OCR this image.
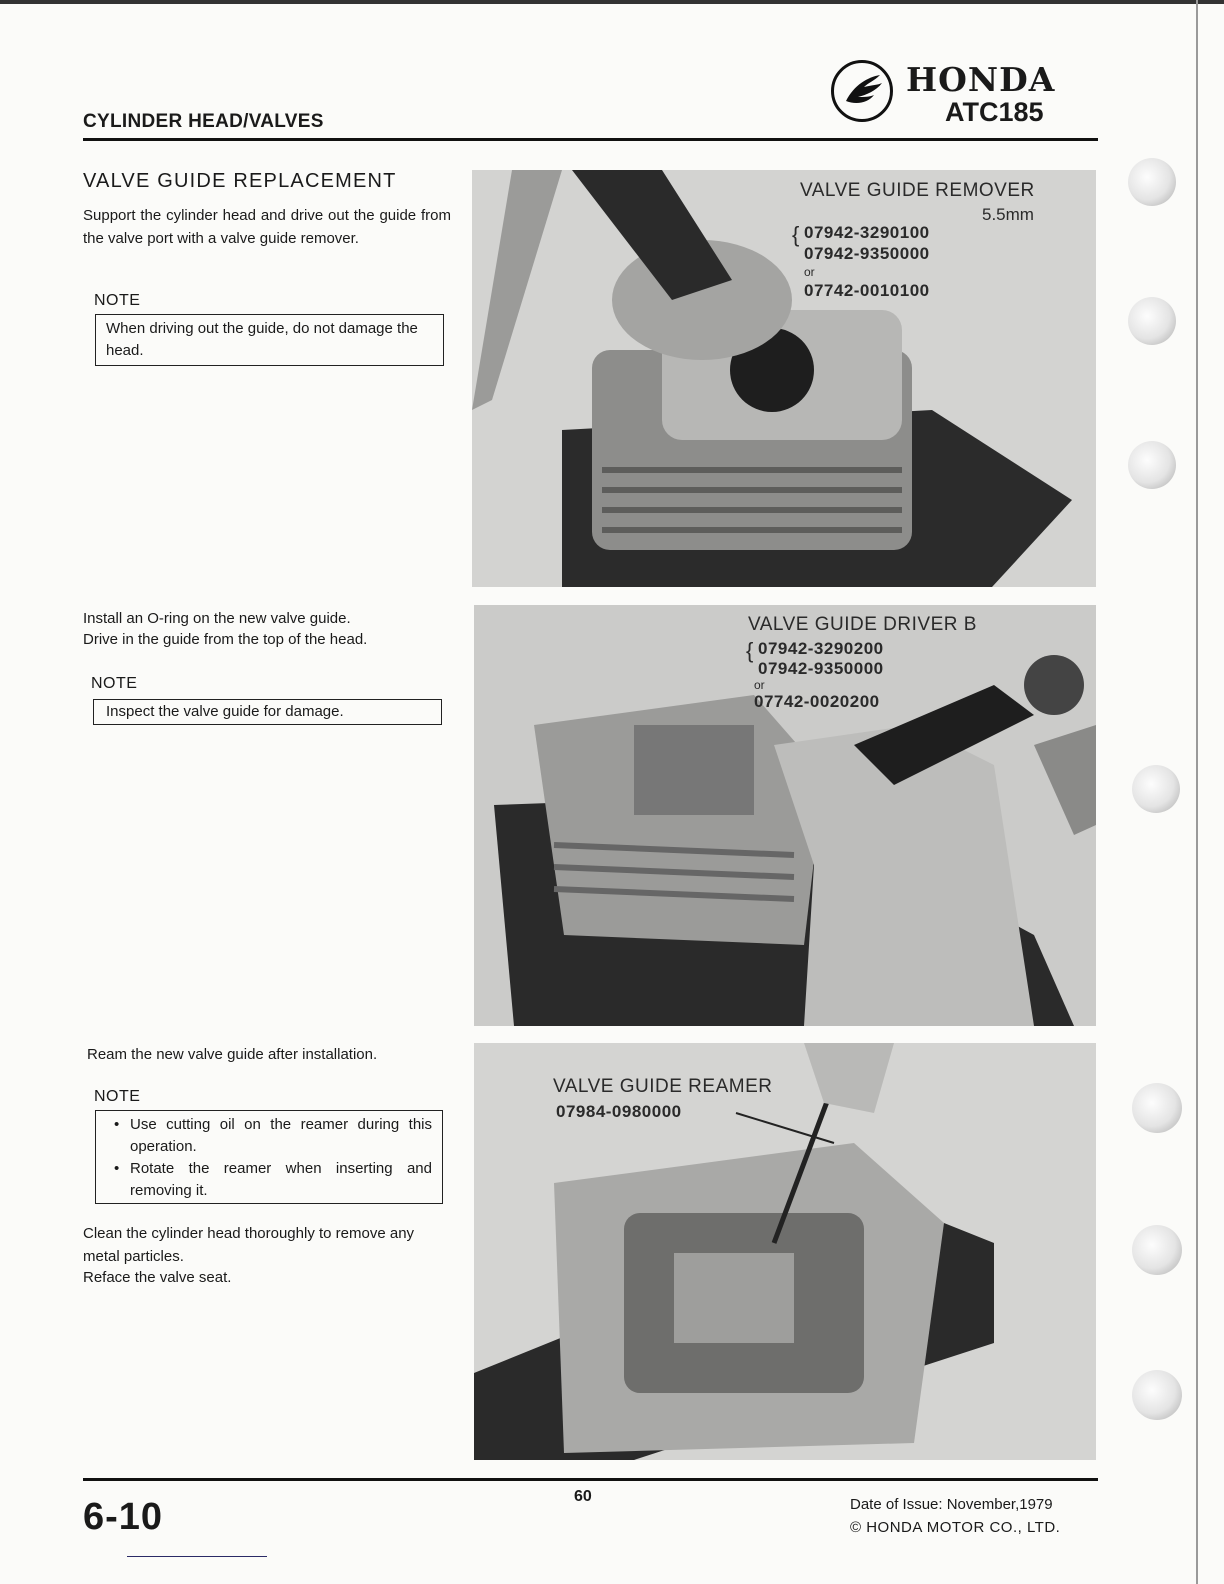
CYLINDER HEAD/VALVES
HONDA
ATC185
VALVE GUIDE REPLACEMENT
Support the cylinder head and drive out the guide from the valve port with a valve guide remover.
NOTE
When driving out the guide, do not damage the head.
VALVE GUIDE REMOVER
5.5mm
{ 07942-3290100
07942-9350000
or
07742-0010100
Install an O-ring on the new valve guide.
Drive in the guide from the top of the head.
NOTE
Inspect the valve guide for damage.
VALVE GUIDE DRIVER B
{ 07942-3290200
07942-9350000
or
07742-0020200
Ream the new valve guide after installation.
NOTE
• Use cutting oil on the reamer during this operation.
• Rotate the reamer when inserting and removing it.
Clean the cylinder head thoroughly to remove any metal particles.
Reface the valve seat.
VALVE GUIDE REAMER
07984-0980000
6-10	60	Date of Issue: November,1979
© HONDA MOTOR CO., LTD.
